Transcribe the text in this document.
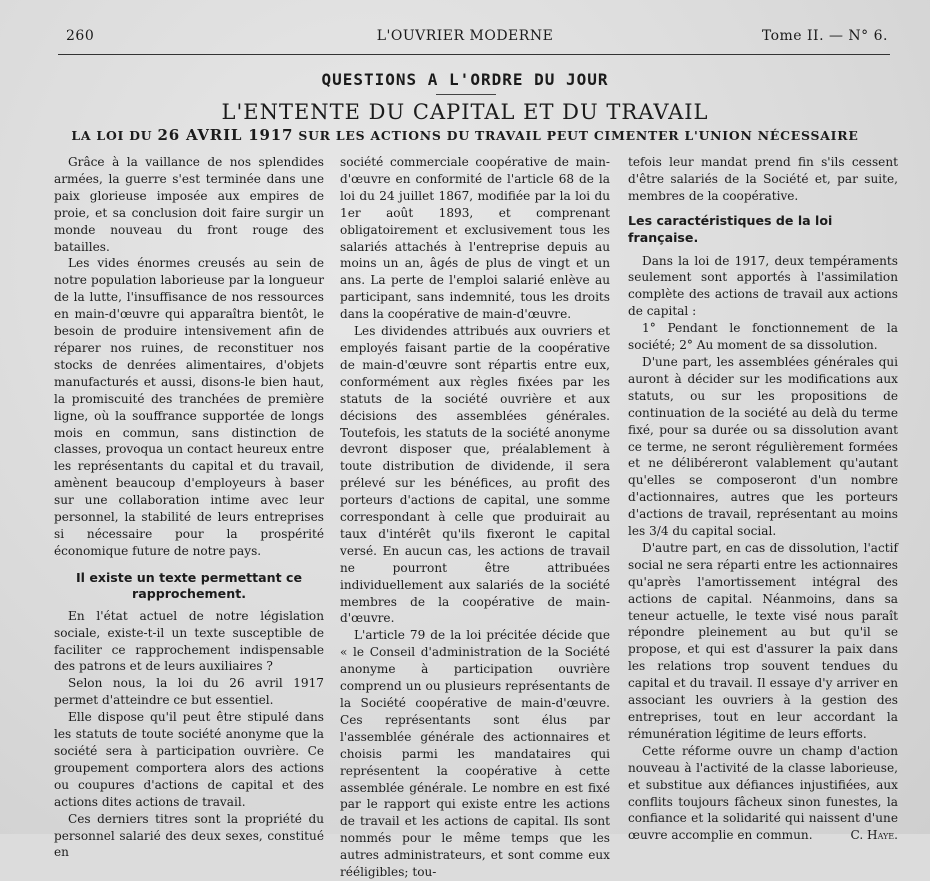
260	L'OUVRIER MODERNE	Tome II. — N° 6.
QUESTIONS A L'ORDRE DU JOUR
L'ENTENTE DU CAPITAL ET DU TRAVAIL
LA LOI DU 26 AVRIL 1917 SUR LES ACTIONS DU TRAVAIL PEUT CIMENTER L'UNION NÉCESSAIRE

Grâce à la vaillance de nos splendides armées, la guerre s'est terminée dans une paix glorieuse imposée aux empires de proie, et sa conclusion doit faire surgir un monde nouveau du front rouge des batailles.

Les vides énormes creusés au sein de notre population laborieuse par la longueur de la lutte, l'insuffisance de nos ressources en main-d'œuvre qui apparaîtra bientôt, le besoin de produire intensivement afin de réparer nos ruines, de reconstituer nos stocks de denrées alimentaires, d'objets manufacturés et aussi, disons-le bien haut, la promiscuité des tranchées de première ligne, où la souffrance supportée de longs mois en commun, sans distinction de classes, provoqua un contact heureux entre les représentants du capital et du travail, amènent beaucoup d'employeurs à baser sur une collaboration intime avec leur personnel, la stabilité de leurs entreprises si nécessaire pour la prospérité économique future de notre pays.

Il existe un texte permettant ce rapprochement.

En l'état actuel de notre législation sociale, existe-t-il un texte susceptible de faciliter ce rapprochement indispensable des patrons et de leurs auxiliaires ?

Selon nous, la loi du 26 avril 1917 permet d'atteindre ce but essentiel.

Elle dispose qu'il peut être stipulé dans les statuts de toute société anonyme que la société sera à participation ouvrière. Ce groupement comportera alors des actions ou coupures d'actions de capital et des actions dites actions de travail.

Ces derniers titres sont la propriété du personnel salarié des deux sexes, constitué en

société commerciale coopérative de main-d'œuvre en conformité de l'article 68 de la loi du 24 juillet 1867, modifiée par la loi du 1er août 1893, et comprenant obligatoirement et exclusivement tous les salariés attachés à l'entreprise depuis au moins un an, âgés de plus de vingt et un ans. La perte de l'emploi salarié enlève au participant, sans indemnité, tous les droits dans la coopérative de main-d'œuvre.

Les dividendes attribués aux ouvriers et employés faisant partie de la coopérative de main-d'œuvre sont répartis entre eux, conformément aux règles fixées par les statuts de la société ouvrière et aux décisions des assemblées générales. Toutefois, les statuts de la société anonyme devront disposer que, préalablement à toute distribution de dividende, il sera prélevé sur les bénéfices, au profit des porteurs d'actions de capital, une somme correspondant à celle que produirait au taux d'intérêt qu'ils fixeront le capital versé. En aucun cas, les actions de travail ne pourront être attribuées individuellement aux salariés de la société membres de la coopérative de main-d'œuvre.

L'article 79 de la loi précitée décide que « le Conseil d'administration de la Société anonyme à participation ouvrière comprend un ou plusieurs représentants de la Société coopérative de main-d'œuvre. Ces représentants sont élus par l'assemblée générale des actionnaires et choisis parmi les mandataires qui représentent la coopérative à cette assemblée générale. Le nombre en est fixé par le rapport qui existe entre les actions de travail et les actions de capital. Ils sont nommés pour le même temps que les autres administrateurs, et sont comme eux rééligibles; tou-

tefois leur mandat prend fin s'ils cessent d'être salariés de la Société et, par suite, membres de la coopérative.

Les caractéristiques de la loi française.

Dans la loi de 1917, deux tempéraments seulement sont apportés à l'assimilation complète des actions de travail aux actions de capital :

1° Pendant le fonctionnement de la société; 2° Au moment de sa dissolution.

D'une part, les assemblées générales qui auront à décider sur les modifications aux statuts, ou sur les propositions de continuation de la société au delà du terme fixé, pour sa durée ou sa dissolution avant ce terme, ne seront régulièrement formées et ne délibéreront valablement qu'autant qu'elles se composeront d'un nombre d'actionnaires, autres que les porteurs d'actions de travail, représentant au moins les 3/4 du capital social.

D'autre part, en cas de dissolution, l'actif social ne sera réparti entre les actionnaires qu'après l'amortissement intégral des actions de capital. Néanmoins, dans sa teneur actuelle, le texte visé nous paraît répondre pleinement au but qu'il se propose, et qui est d'assurer la paix dans les relations trop souvent tendues du capital et du travail. Il essaye d'y arriver en associant les ouvriers à la gestion des entreprises, tout en leur accordant la rémunération légitime de leurs efforts.

Cette réforme ouvre un champ d'action nouveau à l'activité de la classe laborieuse, et substitue aux défiances injustifiées, aux conflits toujours fâcheux sinon funestes, la confiance et la solidarité qui naissent d'une œuvre accomplie en commun.	C. Haye.
